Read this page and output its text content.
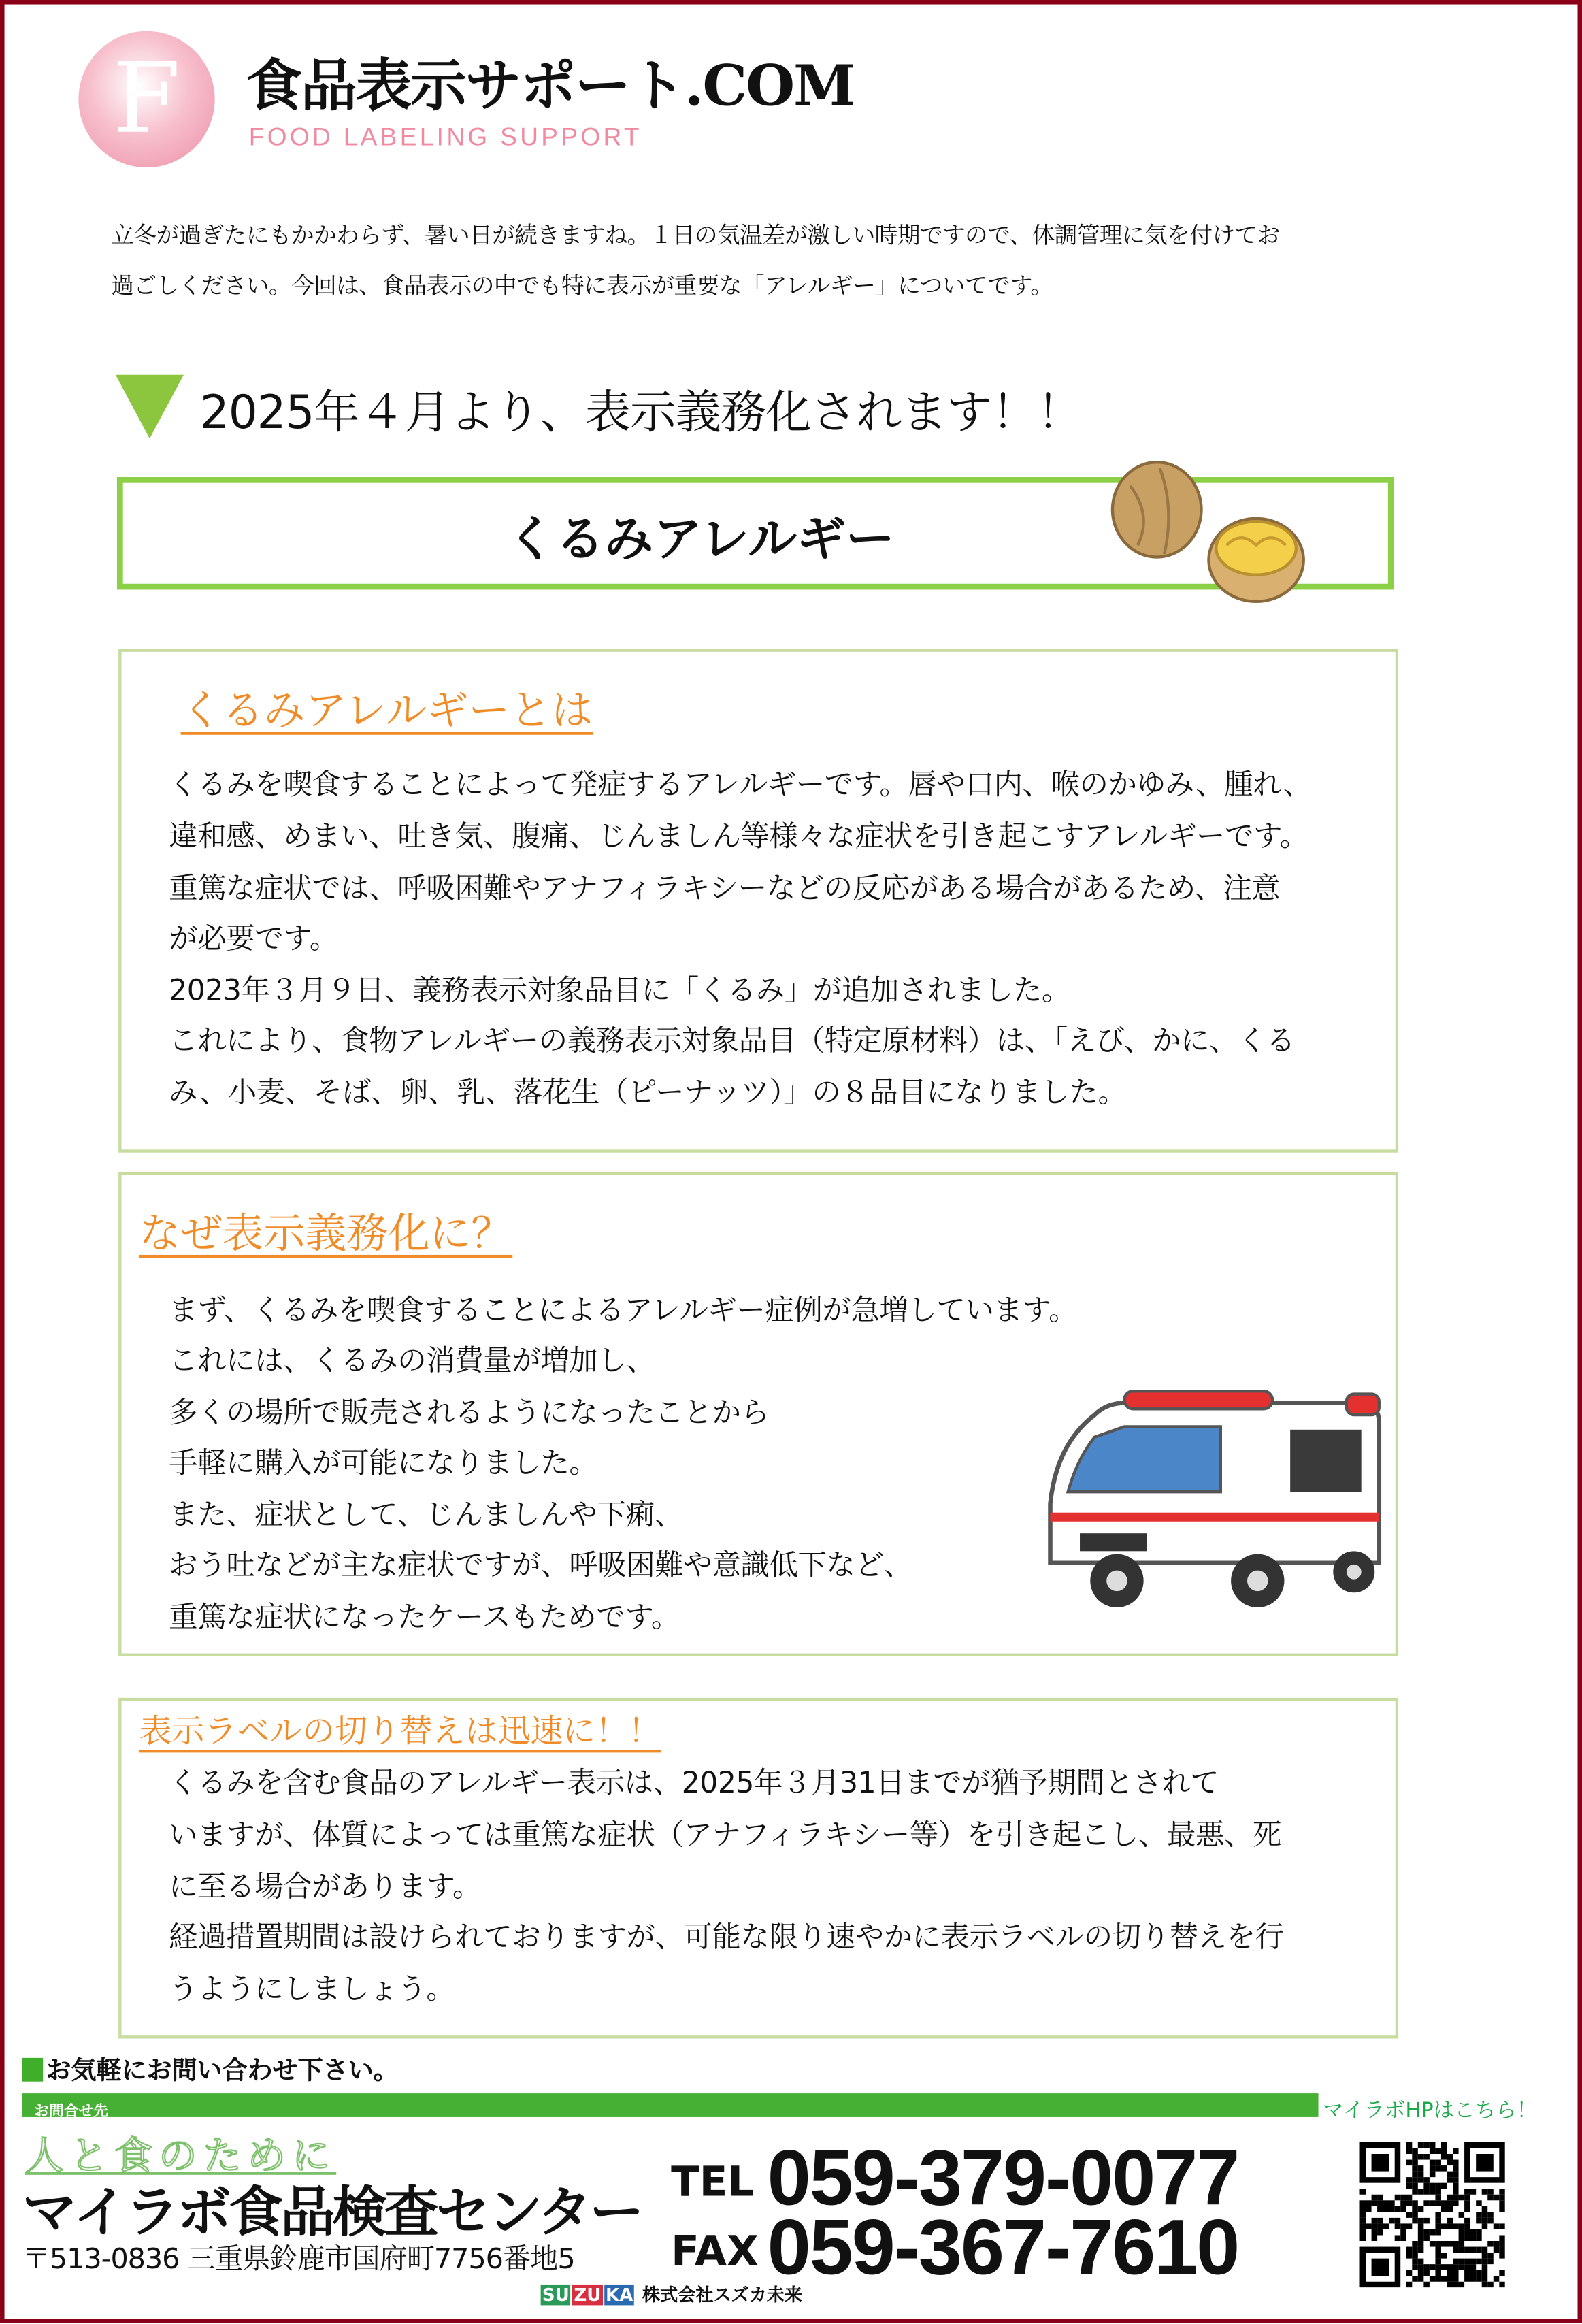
F	食品表示サポート.COM
FOOD LABELING SUPPORT
立冬が過ぎたにもかかわらず、暑い日が続きますね。１日の気温差が激しい時期ですので、体調管理に気を付けてお
過ごしください。今回は、食品表示の中でも特に表示が重要な「アレルギー」についてです。
2025年４月より、表示義務化されます！！
くるみアレルギー
くるみアレルギーとは
くるみを喫食することによって発症するアレルギーです。唇や口内、喉のかゆみ、腫れ、
違和感、めまい、吐き気、腹痛、じんましん等様々な症状を引き起こすアレルギーです。
重篤な症状では、呼吸困難やアナフィラキシーなどの反応がある場合があるため、注意
が必要です。
2023年３月９日、義務表示対象品目に「くるみ」が追加されました。
これにより、食物アレルギーの義務表示対象品目（特定原材料）は、「えび、かに、くる
み、小麦、そば、卵、乳、落花生（ピーナッツ）」の８品目になりました。
なぜ表示義務化に？
まず、くるみを喫食することによるアレルギー症例が急増しています。
これには、くるみの消費量が増加し、
多くの場所で販売されるようになったことから
手軽に購入が可能になりました。
また、症状として、じんましんや下痢、
おう吐などが主な症状ですが、呼吸困難や意識低下など、
重篤な症状になったケースもためです。
表示ラベルの切り替えは迅速に！！
くるみを含む食品のアレルギー表示は、2025年３月31日までが猶予期間とされて
いますが、体質によっては重篤な症状（アナフィラキシー等）を引き起こし、最悪、死
に至る場合があります。
経過措置期間は設けられておりますが、可能な限り速やかに表示ラベルの切り替えを行
うようにしましょう。
お気軽にお問い合わせ下さい。
お問合せ先	マイラボHPはこちら！
人と食のために
マイラボ食品検査センター
〒513-0836 三重県鈴鹿市国府町7756番地5
TEL 059-379-0077
FAX 059-367-7610
SU ZU KA 株式会社スズカ未来
